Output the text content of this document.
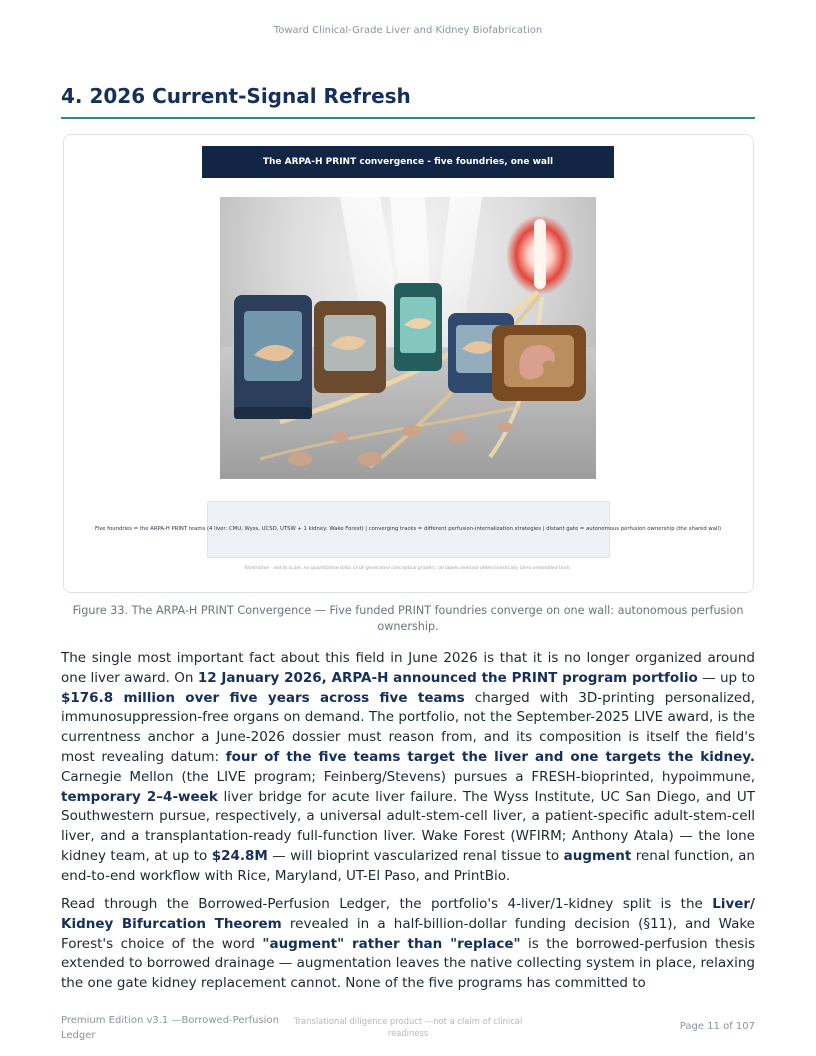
Toward Clinical-Grade Liver and Kidney Biofabrication
4. 2026 Current-Signal Refresh
The ARPA-H PRINT convergence - five foundries, one wall
Five foundries = the ARPA-H PRINT teams (4 liver: CMU, Wyss, UCSD, UTSW + 1 kidney: Wake Forest) | converging tracks = different perfusion-internalization strategies | distant gate = autonomous perfusion ownership (the shared wall)
Illustrative - not to scale; no quantitative data. Grok-generated conceptual graphic; all labels overlaid deterministically (zero embedded text).
Figure 33. The ARPA-H PRINT Convergence — Five funded PRINT foundries converge on one wall: autonomous perfusion ownership.

The single most important fact about this field in June 2026 is that it is no longer organized around one liver award. On 12 January 2026, ARPA-H announced the PRINT program portfolio — up to $176.8 million over five years across five teams charged with 3D-printing personalized, immunosuppression-free organs on demand. The portfolio, not the September-2025 LIVE award, is the currentness anchor a June-2026 dossier must reason from, and its composition is itself the field's most revealing datum: four of the five teams target the liver and one targets the kidney. Carnegie Mellon (the LIVE program; Feinberg/Stevens) pursues a FRESH-bioprinted, hypoimmune, temporary 2–4-week liver bridge for acute liver failure. The Wyss Institute, UC San Diego, and UT Southwestern pursue, respectively, a universal adult-stem-cell liver, a patient-specific adult-stem-cell liver, and a transplantation-ready full-function liver. Wake Forest (WFIRM; Anthony Atala) — the lone kidney team, at up to $24.8M — will bioprint vascularized renal tissue to augment renal function, an end-to-end workflow with Rice, Maryland, UT-El Paso, and PrintBio.

Read through the Borrowed-Perfusion Ledger, the portfolio's 4-liver/1-kidney split is the Liver/ Kidney Bifurcation Theorem revealed in a half-billion-dollar funding decision (§11), and Wake Forest's choice of the word "augment" rather than "replace" is the borrowed-perfusion thesis extended to borrowed drainage — augmentation leaves the native collecting system in place, relaxing the one gate kidney replacement cannot. None of the five programs has committed to

Premium Edition v3.1 —Borrowed-Perfusion Ledger
Translational diligence product —not a claim of clinical readiness
Page 11 of 107
